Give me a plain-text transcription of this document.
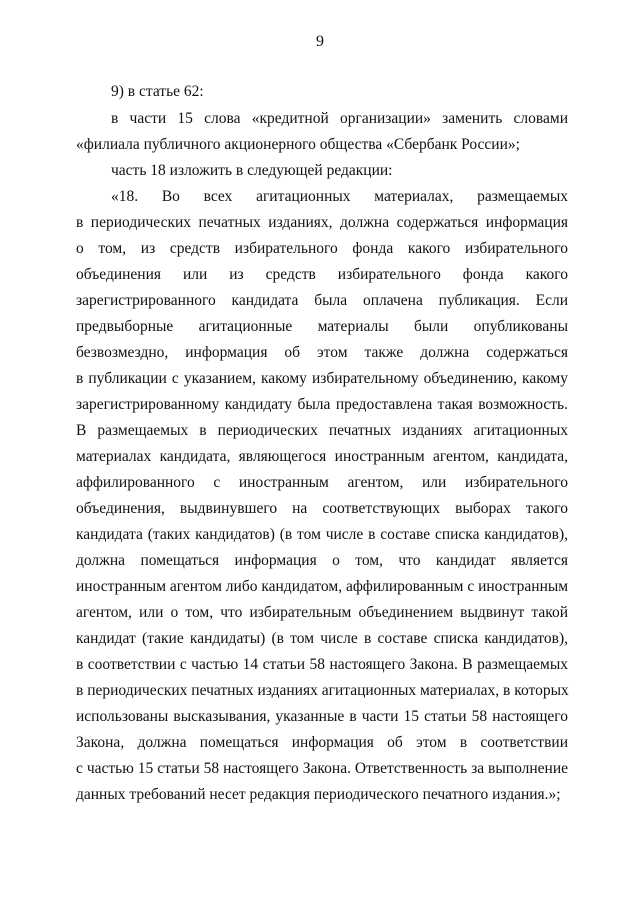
9
9) в статье 62:
в части 15 слова «кредитной организации» заменить словами
«филиала публичного акционерного общества «Сбербанк России»;
часть 18 изложить в следующей редакции:
«18. Во всех агитационных материалах, размещаемых
в периодических печатных изданиях, должна содержаться информация
о том, из средств избирательного фонда какого избирательного
объединения или из средств избирательного фонда какого
зарегистрированного кандидата была оплачена публикация. Если
предвыборные агитационные материалы были опубликованы
безвозмездно, информация об этом также должна содержаться
в публикации с указанием, какому избирательному объединению, какому
зарегистрированному кандидату была предоставлена такая возможность.
В размещаемых в периодических печатных изданиях агитационных
материалах кандидата, являющегося иностранным агентом, кандидата,
аффилированного с иностранным агентом, или избирательного
объединения, выдвинувшего на соответствующих выборах такого
кандидата (таких кандидатов) (в том числе в составе списка кандидатов),
должна помещаться информация о том, что кандидат является
иностранным агентом либо кандидатом, аффилированным с иностранным
агентом, или о том, что избирательным объединением выдвинут такой
кандидат (такие кандидаты) (в том числе в составе списка кандидатов),
в соответствии с частью 14 статьи 58 настоящего Закона. В размещаемых
в периодических печатных изданиях агитационных материалах, в которых
использованы высказывания, указанные в части 15 статьи 58 настоящего
Закона, должна помещаться информация об этом в соответствии
с частью 15 статьи 58 настоящего Закона. Ответственность за выполнение
данных требований несет редакция периодического печатного издания.»;
